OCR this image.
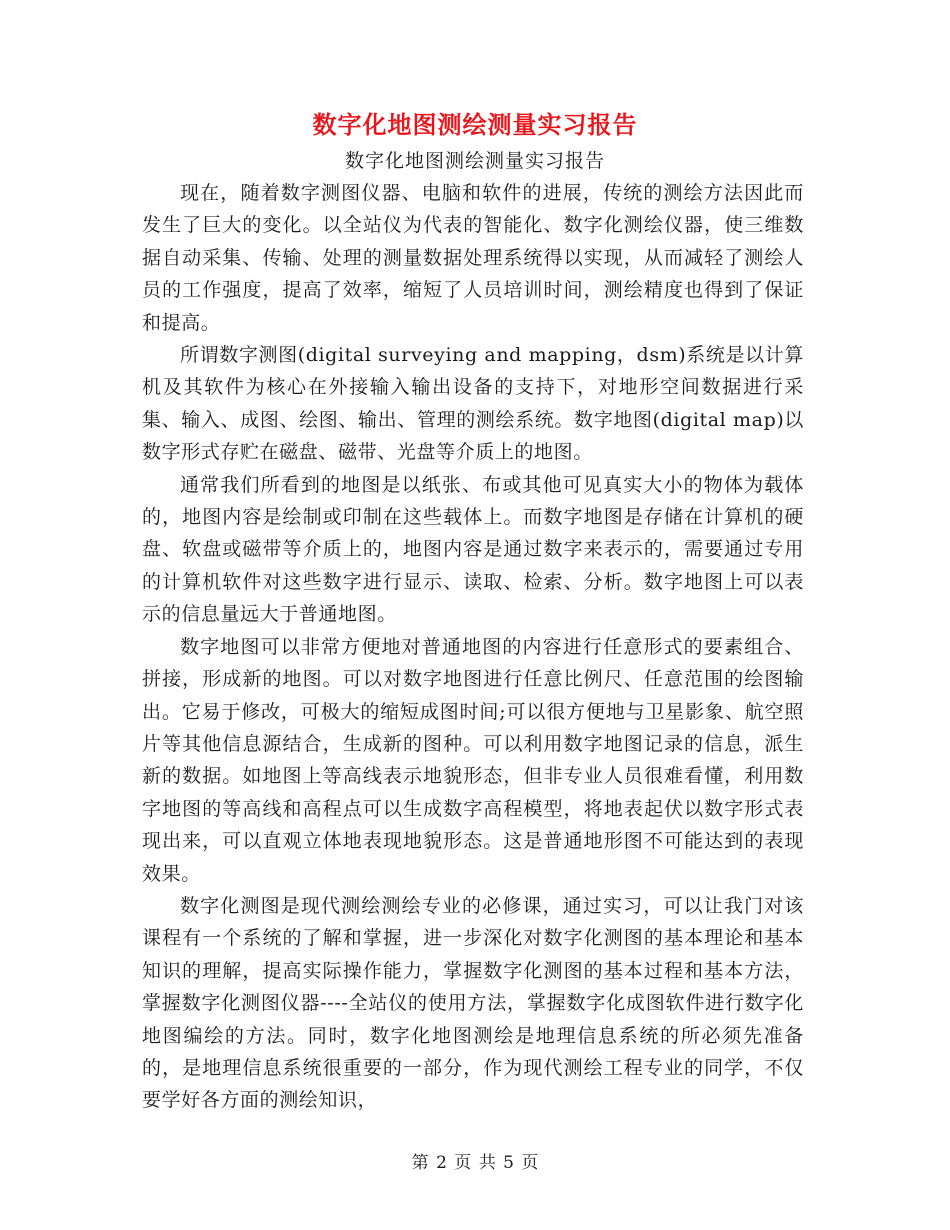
数字化地图测绘测量实习报告
数字化地图测绘测量实习报告

现在，随着数字测图仪器、电脑和软件的进展，传统的测绘方法因此而发生了巨大的变化。以全站仪为代表的智能化、数字化测绘仪器，使三维数据自动采集、传输、处理的测量数据处理系统得以实现，从而减轻了测绘人员的工作强度，提高了效率，缩短了人员培训时间，测绘精度也得到了保证和提高。

所谓数字测图(digital surveying and mapping，dsm)系统是以计算机及其软件为核心在外接输入输出设备的支持下，对地形空间数据进行采集、输入、成图、绘图、输出、管理的测绘系统。数字地图(digital map)以数字形式存贮在磁盘、磁带、光盘等介质上的地图。

通常我们所看到的地图是以纸张、布或其他可见真实大小的物体为载体的，地图内容是绘制或印制在这些载体上。而数字地图是存储在计算机的硬盘、软盘或磁带等介质上的，地图内容是通过数字来表示的，需要通过专用的计算机软件对这些数字进行显示、读取、检索、分析。数字地图上可以表示的信息量远大于普通地图。

数字地图可以非常方便地对普通地图的内容进行任意形式的要素组合、拼接，形成新的地图。可以对数字地图进行任意比例尺、任意范围的绘图输出。它易于修改，可极大的缩短成图时间;可以很方便地与卫星影象、航空照片等其他信息源结合，生成新的图种。可以利用数字地图记录的信息，派生新的数据。如地图上等高线表示地貌形态，但非专业人员很难看懂，利用数字地图的等高线和高程点可以生成数字高程模型，将地表起伏以数字形式表现出来，可以直观立体地表现地貌形态。这是普通地形图不可能达到的表现效果。

数字化测图是现代测绘测绘专业的必修课，通过实习，可以让我门对该课程有一个系统的了解和掌握，进一步深化对数字化测图的基本理论和基本知识的理解，提高实际操作能力，掌握数字化测图的基本过程和基本方法，掌握数字化测图仪器----全站仪的使用方法，掌握数字化成图软件进行数字化地图编绘的方法。同时，数字化地图测绘是地理信息系统的所必须先准备的，是地理信息系统很重要的一部分，作为现代测绘工程专业的同学，不仅要学好各方面的测绘知识，

第 2 页 共 5 页
